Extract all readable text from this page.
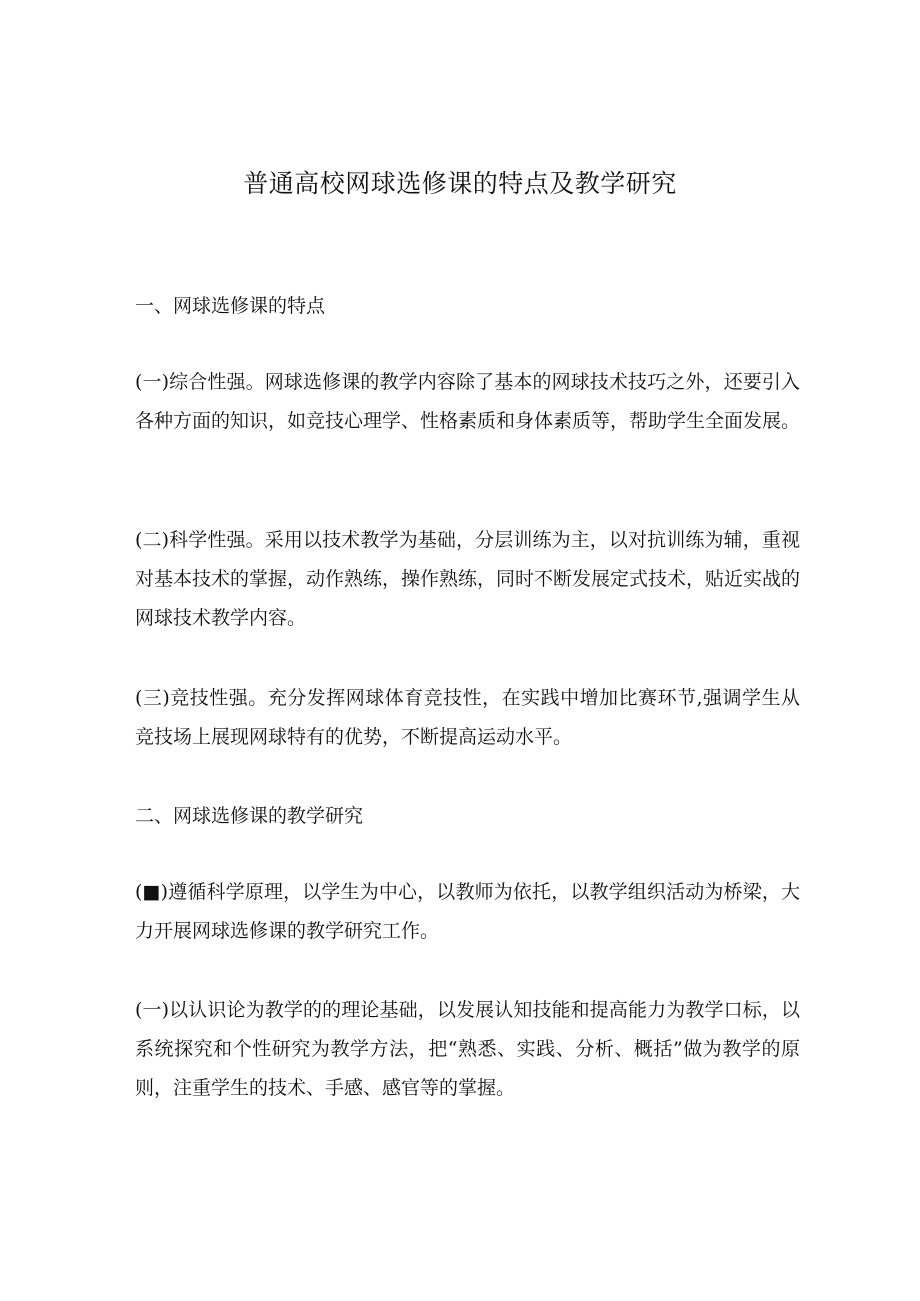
普通高校网球选修课的特点及教学研究
一、网球选修课的特点

(一)综合性强。网球选修课的教学内容除了基本的网球技术技巧之外，还要引入各种方面的知识，如竞技心理学、性格素质和身体素质等，帮助学生全面发展。

(二)科学性强。采用以技术教学为基础，分层训练为主，以对抗训练为辅，重视对基本技术的掌握，动作熟练，操作熟练，同时不断发展定式技术，贴近实战的网球技术教学内容。

(三)竞技性强。充分发挥网球体育竞技性，在实践中增加比赛环节,强调学生从竞技场上展现网球特有的优势，不断提高运动水平。

二、网球选修课的教学研究

(■)遵循科学原理，以学生为中心，以教师为依托，以教学组织活动为桥梁，大力开展网球选修课的教学研究工作。

(一)以认识论为教学的的理论基础，以发展认知技能和提高能力为教学口标，以系统探究和个性研究为教学方法，把“熟悉、实践、分析、概括”做为教学的原则，注重学生的技术、手感、感官等的掌握。
